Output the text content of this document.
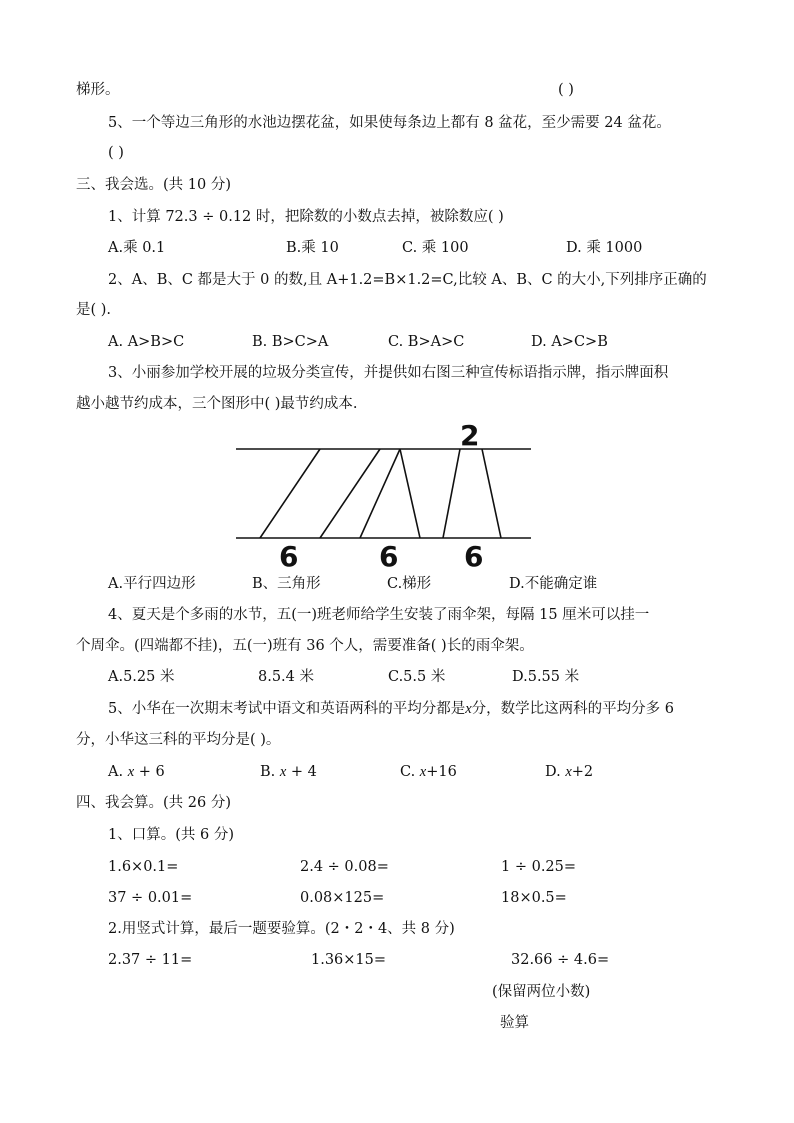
梯形。	( )
5、一个等边三角形的水池边摆花盆，如果使每条边上都有 8 盆花，至少需要 24 盆花。
( )
三、我会选。(共 10 分)
1、计算 72.3 ÷ 0.12 时，把除数的小数点去掉，被除数应( )
A.乘 0.1	B.乘 10	C. 乘 100	D. 乘 1000
2、A、B、C 都是大于 0 的数,且 A+1.2=B×1.2=C,比较 A、B、C 的大小,下列排序正确的
是( ).
A. A>B>C	B. B>C>A	C. B>A>C	D. A>C>B
3、小丽参加学校开展的垃圾分类宣传，并提供如右图三种宣传标语指示牌，指示牌面积
越小越节约成本，三个图形中( )最节约成本.
2
6	6 6
A.平行四边形	B、三角形	C.梯形	D.不能确定谁
4、夏天是个多雨的水节，五(一)班老师给学生安装了雨伞架，每隔 15 厘米可以挂一
个周伞。(四端都不挂)，五(一)班有 36 个人，需要准备( )长的雨伞架。
A.5.25 米	8.5.4 米	C.5.5 米	D.5.55 米
5、小华在一次期末考试中语文和英语两科的平均分都是x分，数学比这两科的平均分多 6
分，小华这三科的平均分是( )。
A. x + 6	B. x + 4	C. x+16	D. x+2
四、我会算。(共 26 分)
1、口算。(共 6 分)
1.6×0.1=	2.4 ÷ 0.08=	1 ÷ 0.25=
37 ÷ 0.01=	0.08×125=	18×0.5=
2.用竖式计算，最后一题要验算。(2・2・4、共 8 分)
2.37 ÷ 11=	1.36×15=	32.66 ÷ 4.6=
(保留两位小数)
验算
